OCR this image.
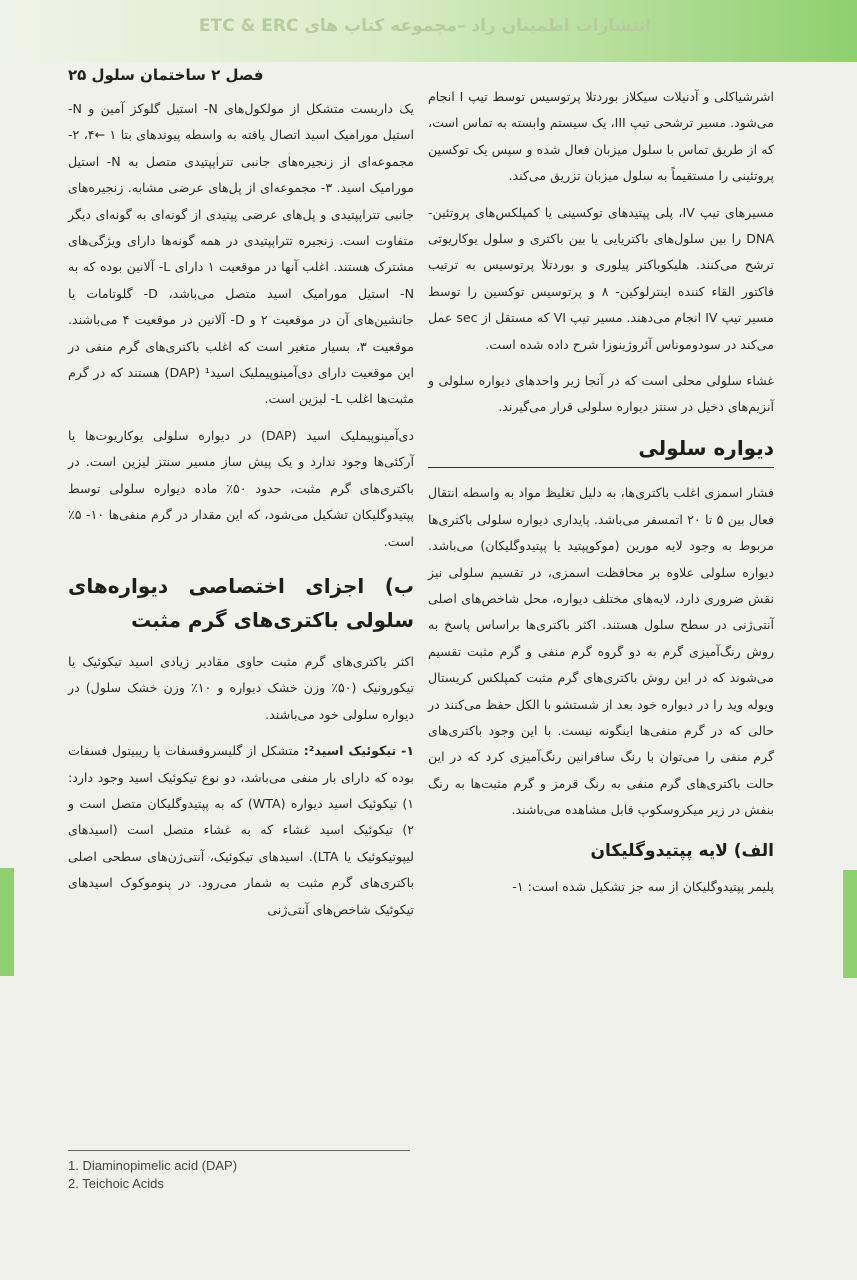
انتشارات اطمینان راد –مجموعه کتاب های ETC & ERC
فصل ۲ ساختمان سلول ۲۵

اشرشیاکلی و آدنیلات سیکلاز بوردتلا پرتوسیس توسط تیپ I انجام می‌شود. مسیر ترشحی تیپ III، یک سیستم وابسته به تماس است، که از طریق تماس با سلول میزبان فعال شده و سپس یک توکسین پروتئینی را مستقیماً به سلول میزبان تزریق می‌کند.

مسیرهای تیپ IV، پلی پپتیدهای توکسینی یا کمپلکس‌های پروتئین- DNA را بین سلول‌های باکتریایی یا بین باکتری و سلول یوکاریوتی ترشح می‌کنند. هلیکوباکتر پیلوری و بوردتلا پرتوسیس به ترتیب فاکتور القاء کننده اینترلوکین- ۸ و پرتوسیس توکسین را توسط مسیر تیپ IV انجام می‌دهند. مسیر تیپ VI که مستقل از sec عمل می‌کند در سودوموناس آئروژینوزا شرح داده شده است.

غشاء سلولی محلی است که در آنجا زیر واحدهای دیواره سلولی و آنزیم‌های دخیل در سنتز دیواره سلولی قرار می‌گیرند.

دیواره سلولی

فشار اسمزی اغلب باکتری‌ها، به دلیل تغلیظ مواد به واسطه انتقال فعال بین ۵ تا ۲۰ اتمسفر می‌باشد. پایداری دیواره سلولی باکتری‌ها مربوط به وجود لایه مورین (موکوپپتید یا پپتیدوگلیکان) می‌باشد. دیواره سلولی علاوه بر محافظت اسمزی، در تقسیم سلولی نیز نقش ضروری دارد، لایه‌های مختلف دیواره، محل شاخص‌های اصلی آنتی‌ژنی در سطح سلول هستند. اکثر باکتری‌ها براساس پاسخ به روش رنگ‌آمیزی گرم به دو گروه گرم منفی و گرم مثبت تقسیم می‌شوند که در این روش باکتری‌های گرم مثبت کمپلکس کریستال ویوله وید را در دیواره خود بعد از شستشو با الکل حفظ می‌کنند در حالی که در گرم منفی‌ها اینگونه نیست. با این وجود باکتری‌های گرم منفی را می‌توان با رنگ سافرانین رنگ‌آمیزی کرد که در این حالت باکتری‌های گرم منفی به رنگ قرمز و گرم مثبت‌ها به رنگ بنفش در زیر میکروسکوپ قابل مشاهده می‌باشند.

الف) لایه پپتیدوگلیکان

پلیمر پپتیدوگلیکان از سه جز تشکیل شده است: ۱-

یک داربست متشکل از مولکول‌های N- استیل گلوکز آمین و N- استیل مورامیک اسید اتصال یافته به واسطه پیوندهای بتا ۱ ←۴، ۲- مجموعه‌ای از زنجیره‌های جانبی تتراپپتیدی متصل به N- استیل مورامیک اسید. ۳- مجموعه‌ای از پل‌های عرضی مشابه. زنجیره‌های جانبی تتراپپتیدی و پل‌های عرضی پپتیدی از گونه‌ای به گونه‌ای دیگر متفاوت است. زنجیره تتراپپتیدی در همه گونه‌ها دارای ویژگی‌های مشترک هستند. اغلب آنها در موقعیت ۱ دارای L- آلانین بوده که به N- استیل مورامیک اسید متصل می‌باشد، D- گلوتامات یا جانشین‌های آن در موقعیت ۲ و D- آلانین در موقعیت ۴ می‌باشند. موقعیت ۳، بسیار متغیر است که اغلب باکتری‌های گرم منفی در این موقعیت دارای دی‌آمینوپیملیک اسید¹ (DAP) هستند که در گرم مثبت‌ها اغلب L- لیزین است.

دی‌آمینوپیملیک اسید (DAP) در دیواره سلولی یوکاریوت‌ها یا آرکئی‌ها وجود ندارد و یک پیش ساز مسیر سنتز لیزین است. در باکتری‌های گرم مثبت، حدود ۵۰٪ ماده دیواره سلولی توسط پپتیدوگلیکان تشکیل می‌شود، که این مقدار در گرم منفی‌ها ۱۰- ۵٪ است.

ب) اجزای اختصاصی دیواره‌های سلولی باکتری‌های گرم مثبت

اکثر باکتری‌های گرم مثبت حاوی مقادیر زیادی اسید تیکوئیک یا تیکورونیک (۵۰٪ وزن خشک دیواره و ۱۰٪ وزن خشک سلول) در دیواره سلولی خود می‌باشند.

۱- تیکوئیک اسید²: متشکل از گلیسروفسفات یا ریبیتول فسفات بوده که دارای بار منفی می‌باشد، دو نوع تیکوئیک اسید وجود دارد: ۱) تیکوئیک اسید دیواره (WTA) که به پپتیدوگلیکان متصل است و ۲) تیکوئیک اسید غشاء که به غشاء متصل است (اسیدهای لیپوتیکوئیک یا LTA). اسیدهای تیکوئیک، آنتی‌ژن‌های سطحی اصلی باکتری‌های گرم مثبت به شمار می‌رود. در پنوموکوک اسیدهای تیکوئیک شاخص‌های آنتی‌ژنی

1. Diaminopimelic acid (DAP)
2. Teichoic Acids
